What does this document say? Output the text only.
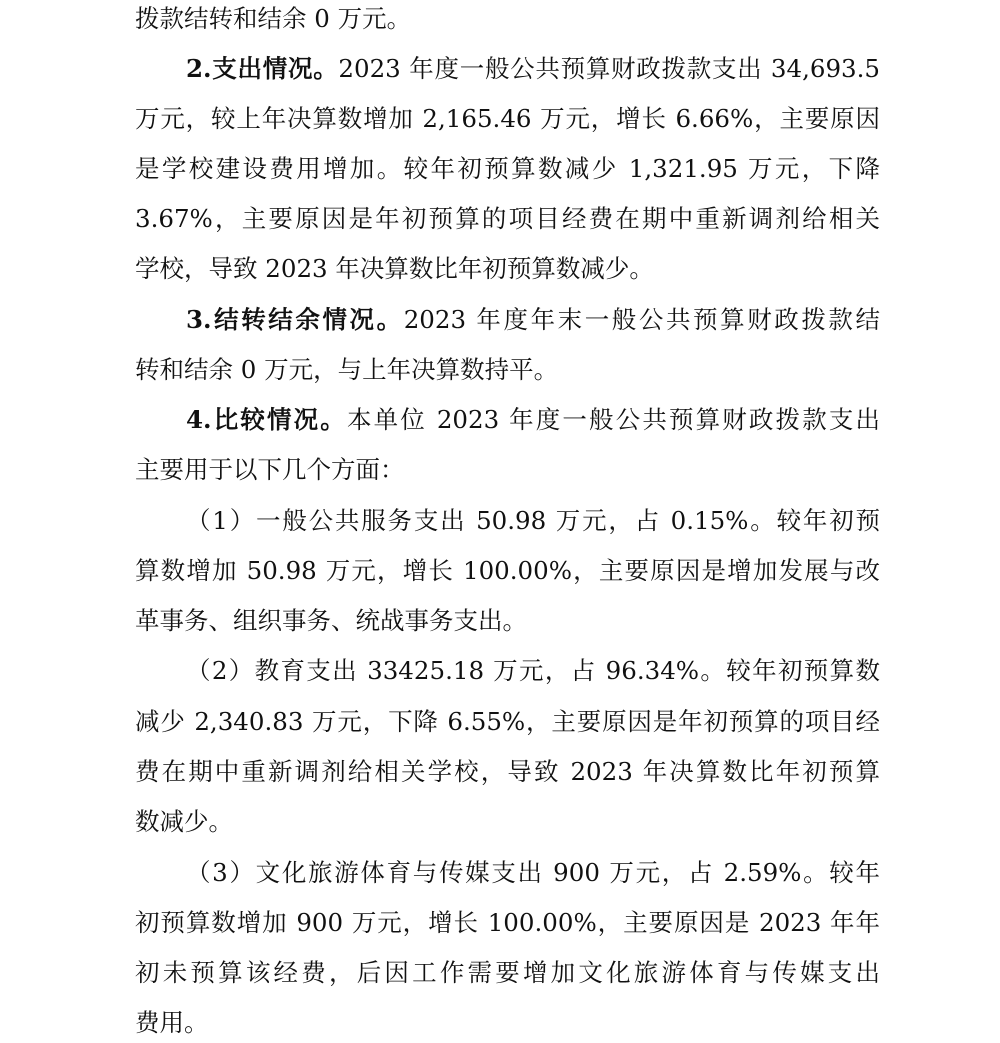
拨款结转和结余 0 万元。
2.支出情况。2023 年度一般公共预算财政拨款支出 34,693.5
万元，较上年决算数增加 2,165.46 万元，增长 6.66%，主要原因
是学校建设费用增加。较年初预算数减少 1,321.95 万元，下降
3.67%，主要原因是年初预算的项目经费在期中重新调剂给相关
学校，导致 2023 年决算数比年初预算数减少。
3.结转结余情况。2023 年度年末一般公共预算财政拨款结
转和结余 0 万元，与上年决算数持平。
4.比较情况。本单位 2023 年度一般公共预算财政拨款支出
主要用于以下几个方面：
（1）一般公共服务支出 50.98 万元，占 0.15%。较年初预
算数增加 50.98 万元，增长 100.00%，主要原因是增加发展与改
革事务、组织事务、统战事务支出。
（2）教育支出 33425.18 万元，占 96.34%。较年初预算数
减少 2,340.83 万元，下降 6.55%，主要原因是年初预算的项目经
费在期中重新调剂给相关学校，导致 2023 年决算数比年初预算
数减少。
（3）文化旅游体育与传媒支出 900 万元，占 2.59%。较年
初预算数增加 900 万元，增长 100.00%，主要原因是 2023 年年
初未预算该经费，后因工作需要增加文化旅游体育与传媒支出
费用。
